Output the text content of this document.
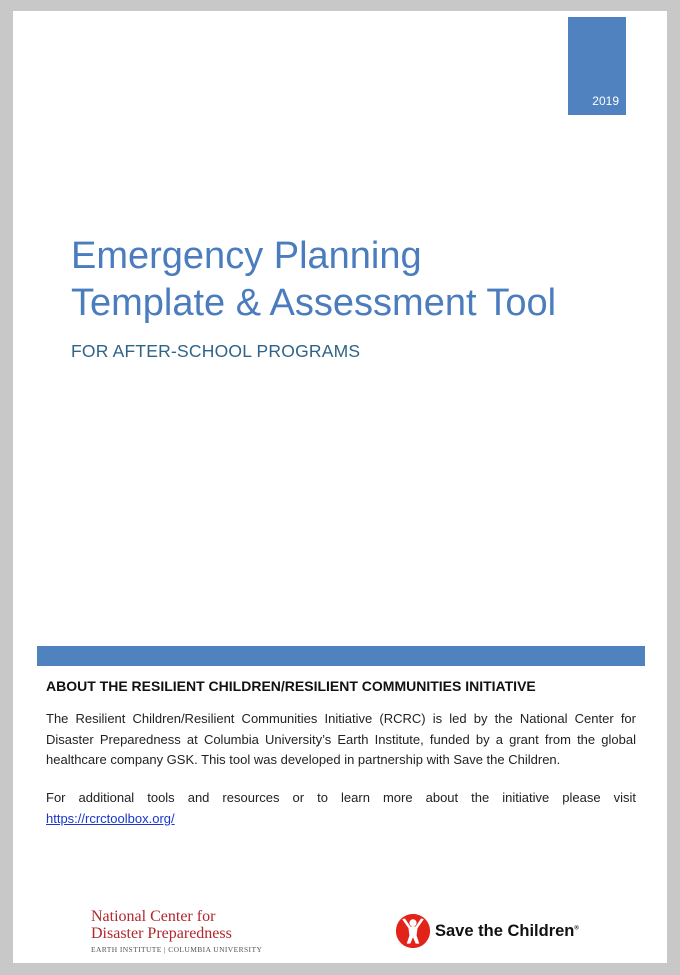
2019
Emergency Planning
Template & Assessment Tool

FOR AFTER-SCHOOL PROGRAMS

ABOUT THE RESILIENT CHILDREN/RESILIENT COMMUNITIES INITIATIVE

The Resilient Children/Resilient Communities Initiative (RCRC) is led by the National Center for Disaster Preparedness at Columbia University’s Earth Institute, funded by a grant from the global healthcare company GSK. This tool was developed in partnership with Save the Children.

For additional tools and resources or to learn more about the initiative please visit https://rcrctoolbox.org/

National Center for
Disaster Preparedness
EARTH INSTITUTE | COLUMBIA UNIVERSITY
Save the Children®
